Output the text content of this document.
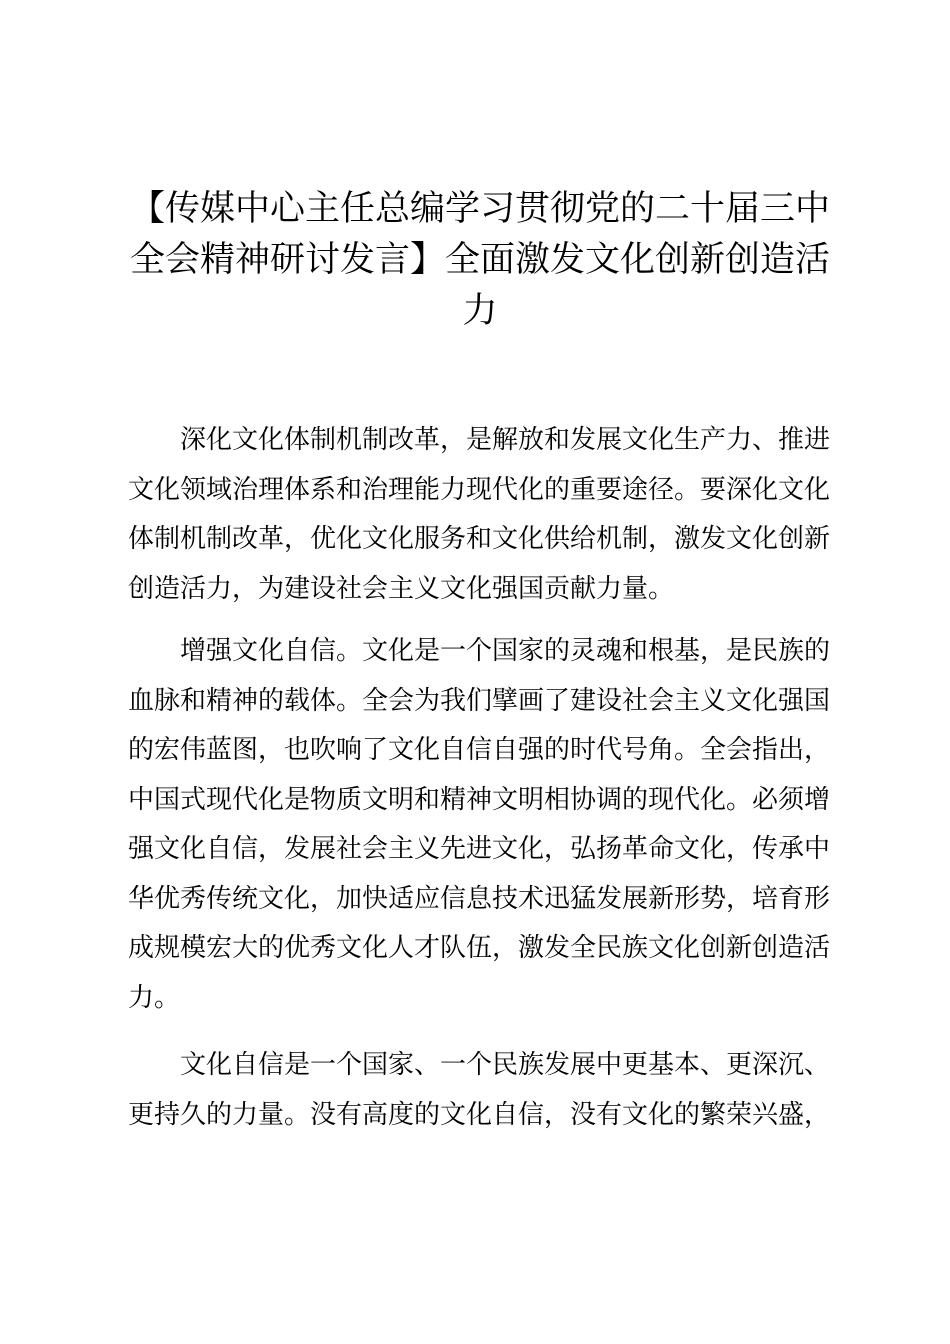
【传媒中心主任总编学习贯彻党的二十届三中
全会精神研讨发言】全面激发文化创新创造活
力
深化文化体制机制改革，是解放和发展文化生产力、推进
文化领域治理体系和治理能力现代化的重要途径。要深化文化
体制机制改革，优化文化服务和文化供给机制，激发文化创新
创造活力，为建设社会主义文化强国贡献力量。
增强文化自信。文化是一个国家的灵魂和根基，是民族的
血脉和精神的载体。全会为我们擘画了建设社会主义文化强国
的宏伟蓝图，也吹响了文化自信自强的时代号角。全会指出，
中国式现代化是物质文明和精神文明相协调的现代化。必须增
强文化自信，发展社会主义先进文化，弘扬革命文化，传承中
华优秀传统文化，加快适应信息技术迅猛发展新形势，培育形
成规模宏大的优秀文化人才队伍，激发全民族文化创新创造活
力。
文化自信是一个国家、一个民族发展中更基本、更深沉、
更持久的力量。没有高度的文化自信，没有文化的繁荣兴盛，
